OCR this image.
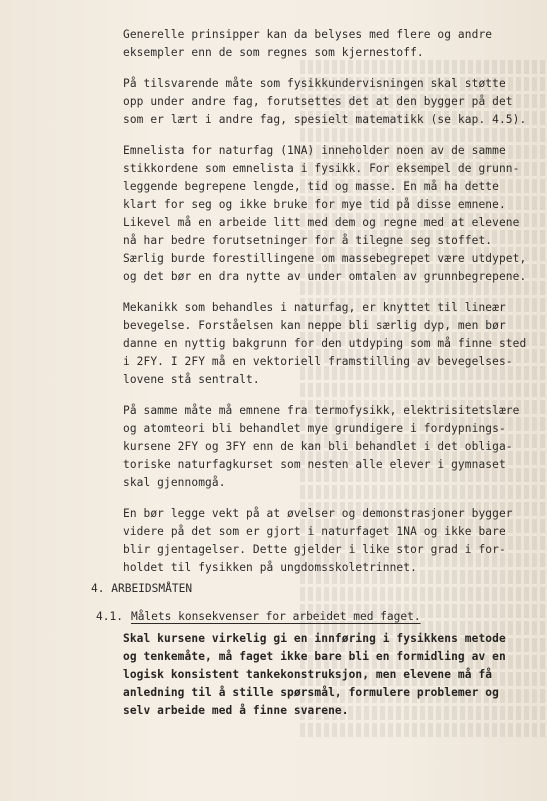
Generelle prinsipper kan da belyses med flere og andre
eksempler enn de som regnes som kjernestoff.

På tilsvarende måte som fysikkundervisningen skal støtte
opp under andre fag, forutsettes det at den bygger på det
som er lært i andre fag, spesielt matematikk (se kap. 4.5).

Emnelista for naturfag (1NA) inneholder noen av de samme
stikkordene som emnelista i fysikk. For eksempel de grunn-
leggende begrepene lengde, tid og masse. En må ha dette
klart for seg og ikke bruke for mye tid på disse emnene.
Likevel må en arbeide litt med dem og regne med at elevene
nå har bedre forutsetninger for å tilegne seg stoffet.
Særlig burde forestillingene om massebegrepet være utdypet,
og det bør en dra nytte av under omtalen av grunnbegrepene.

Mekanikk som behandles i naturfag, er knyttet til lineær
bevegelse. Forståelsen kan neppe bli særlig dyp, men bør
danne en nyttig bakgrunn for den utdyping som må finne sted
i 2FY. I 2FY må en vektoriell framstilling av bevegelses-
lovene stå sentralt.

På samme måte må emnene fra termofysikk, elektrisitetslære
og atomteori bli behandlet mye grundigere i fordypnings-
kursene 2FY og 3FY enn de kan bli behandlet i det obliga-
toriske naturfagkurset som nesten alle elever i gymnaset
skal gjennomgå.

En bør legge vekt på at øvelser og demonstrasjoner bygger
videre på det som er gjort i naturfaget 1NA og ikke bare
blir gjentagelser. Dette gjelder i like stor grad i for-
holdet til fysikken på ungdomsskoletrinnet.

4. ARBEIDSMÅTEN
4.1. Målets konsekvenser for arbeidet med faget.

Skal kursene virkelig gi en innføring i fysikkens metode
og tenkemåte, må faget ikke bare bli en formidling av en
logisk konsistent tankekonstruksjon, men elevene må få
anledning til å stille spørsmål, formulere problemer og
selv arbeide med å finne svarene.
